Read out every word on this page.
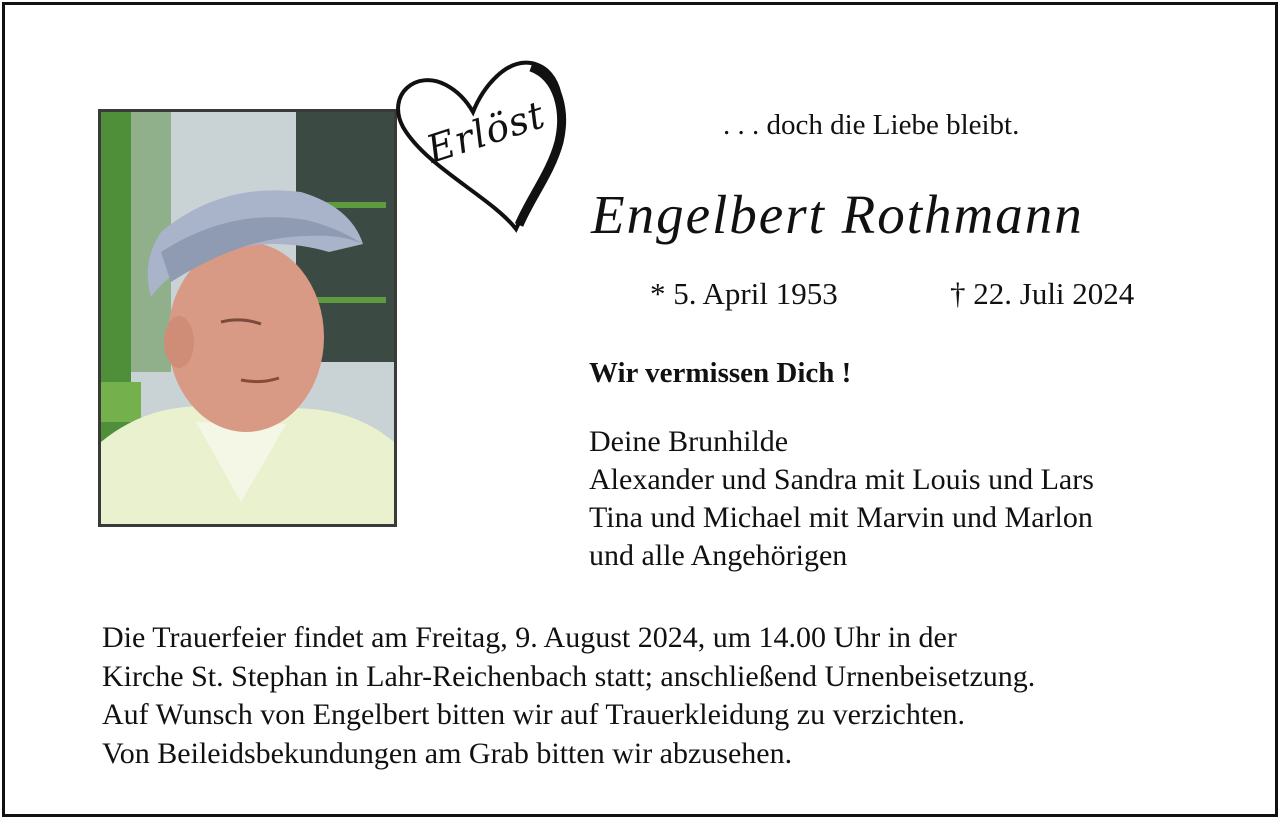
Erlöst	. . . doch die Liebe bleibt.
Engelbert Rothmann
* 5. April 1953	† 22. Juli 2024
Wir vermissen Dich !
Deine Brunhilde
Alexander und Sandra mit Louis und Lars
Tina und Michael mit Marvin und Marlon
und alle Angehörigen
Die Trauerfeier findet am Freitag, 9. August 2024, um 14.00 Uhr in der
Kirche St. Stephan in Lahr-Reichenbach statt; anschließend Urnenbeisetzung.
Auf Wunsch von Engelbert bitten wir auf Trauerkleidung zu verzichten.
Von Beileidsbekundungen am Grab bitten wir abzusehen.
